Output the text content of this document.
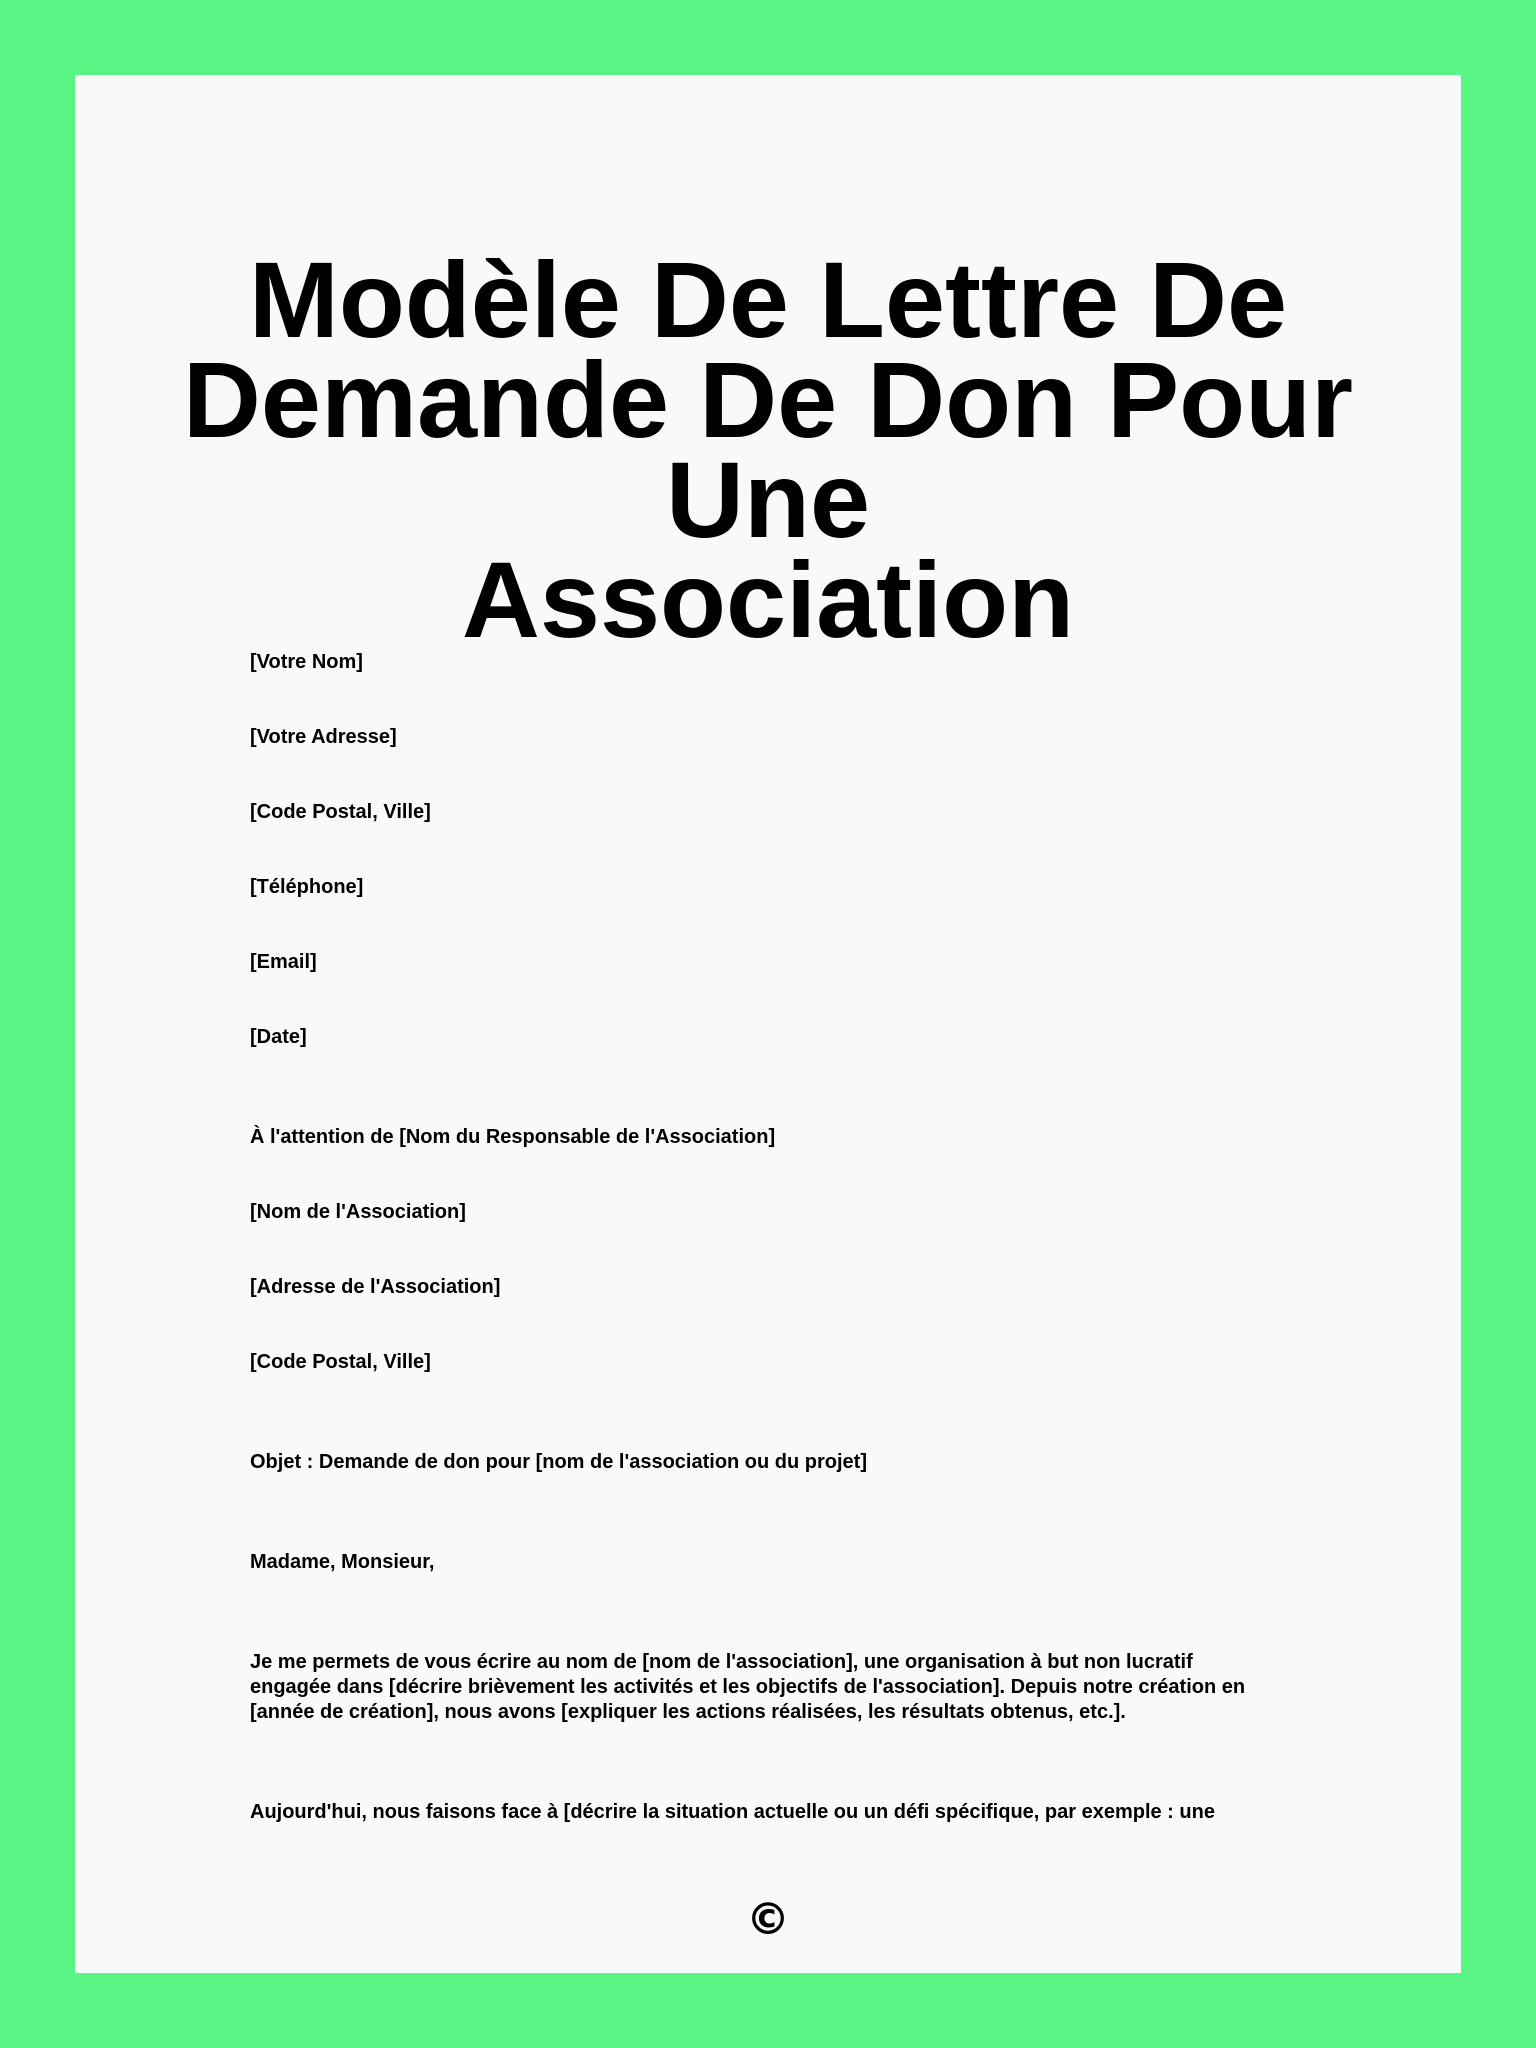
Modèle De Lettre De
Demande De Don Pour Une
Association
[Votre Nom]
[Votre Adresse]
[Code Postal, Ville]
[Téléphone]
[Email]
[Date]
À l'attention de [Nom du Responsable de l'Association]
[Nom de l'Association]
[Adresse de l'Association]
[Code Postal, Ville]
Objet : Demande de don pour [nom de l'association ou du projet]
Madame, Monsieur,
Je me permets de vous écrire au nom de [nom de l'association], une organisation à but non lucratif
engagée dans [décrire brièvement les activités et les objectifs de l'association]. Depuis notre création en
[année de création], nous avons [expliquer les actions réalisées, les résultats obtenus, etc.].
Aujourd'hui, nous faisons face à [décrire la situation actuelle ou un défi spécifique, par exemple : une
©
